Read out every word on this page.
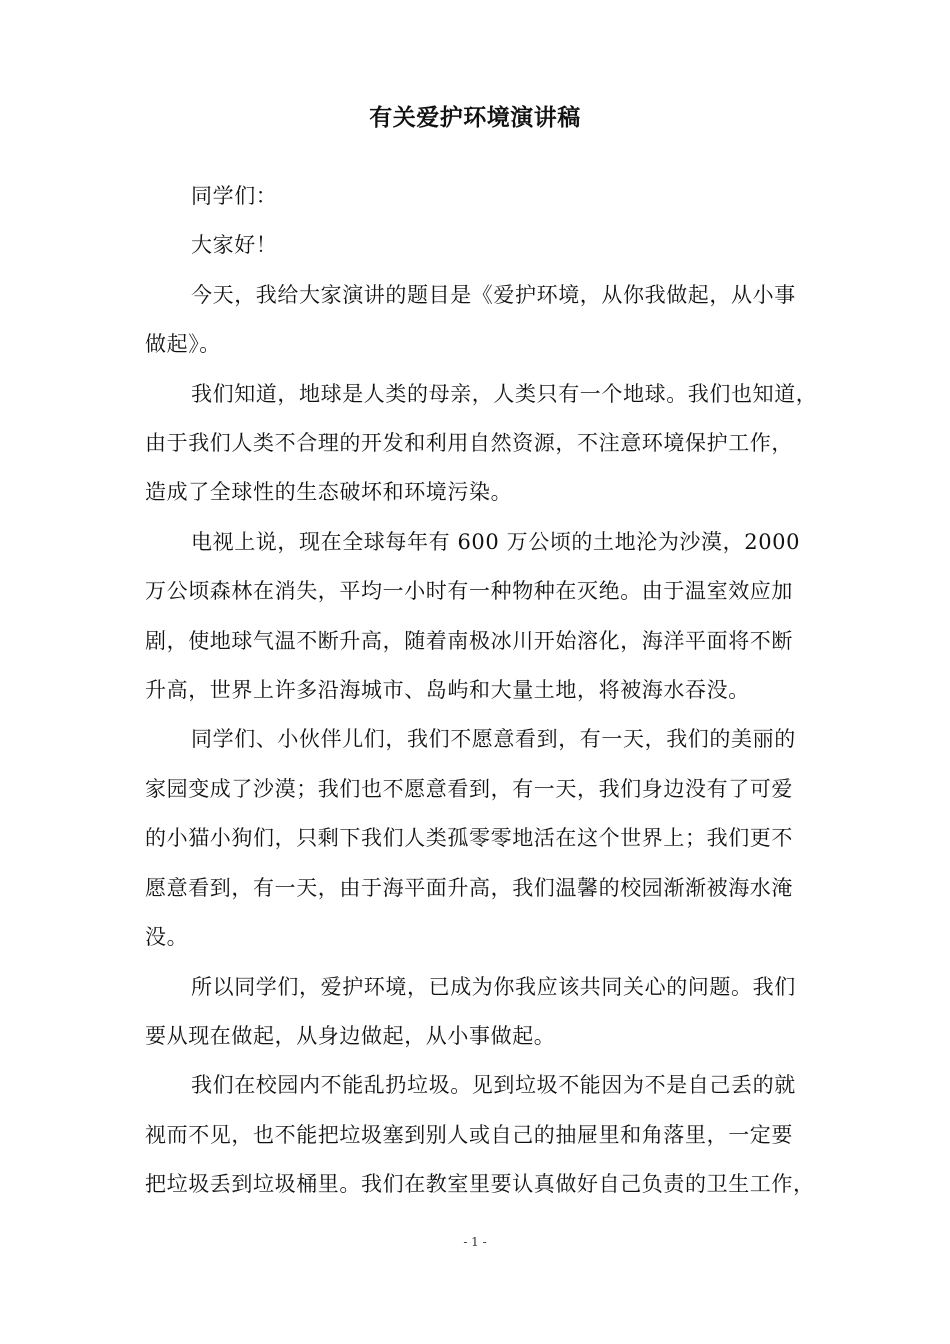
有关爱护环境演讲稿

同学们：

大家好！

今天，我给大家演讲的题目是《爱护环境，从你我做起，从小事
做起》。

我们知道，地球是人类的母亲，人类只有一个地球。我们也知道，
由于我们人类不合理的开发和利用自然资源，不注意环境保护工作，
造成了全球性的生态破坏和环境污染。

电视上说，现在全球每年有 600 万公顷的土地沦为沙漠，2000
万公顷森林在消失，平均一小时有一种物种在灭绝。由于温室效应加
剧，使地球气温不断升高，随着南极冰川开始溶化，海洋平面将不断
升高，世界上许多沿海城市、岛屿和大量土地，将被海水吞没。

同学们、小伙伴儿们，我们不愿意看到，有一天，我们的美丽的
家园变成了沙漠；我们也不愿意看到，有一天，我们身边没有了可爱
的小猫小狗们，只剩下我们人类孤零零地活在这个世界上；我们更不
愿意看到，有一天，由于海平面升高，我们温馨的校园渐渐被海水淹
没。

所以同学们，爱护环境，已成为你我应该共同关心的问题。我们
要从现在做起，从身边做起，从小事做起。

我们在校园内不能乱扔垃圾。见到垃圾不能因为不是自己丢的就
视而不见，也不能把垃圾塞到别人或自己的抽屉里和角落里，一定要
把垃圾丢到垃圾桶里。我们在教室里要认真做好自己负责的卫生工作，

- 1 -
